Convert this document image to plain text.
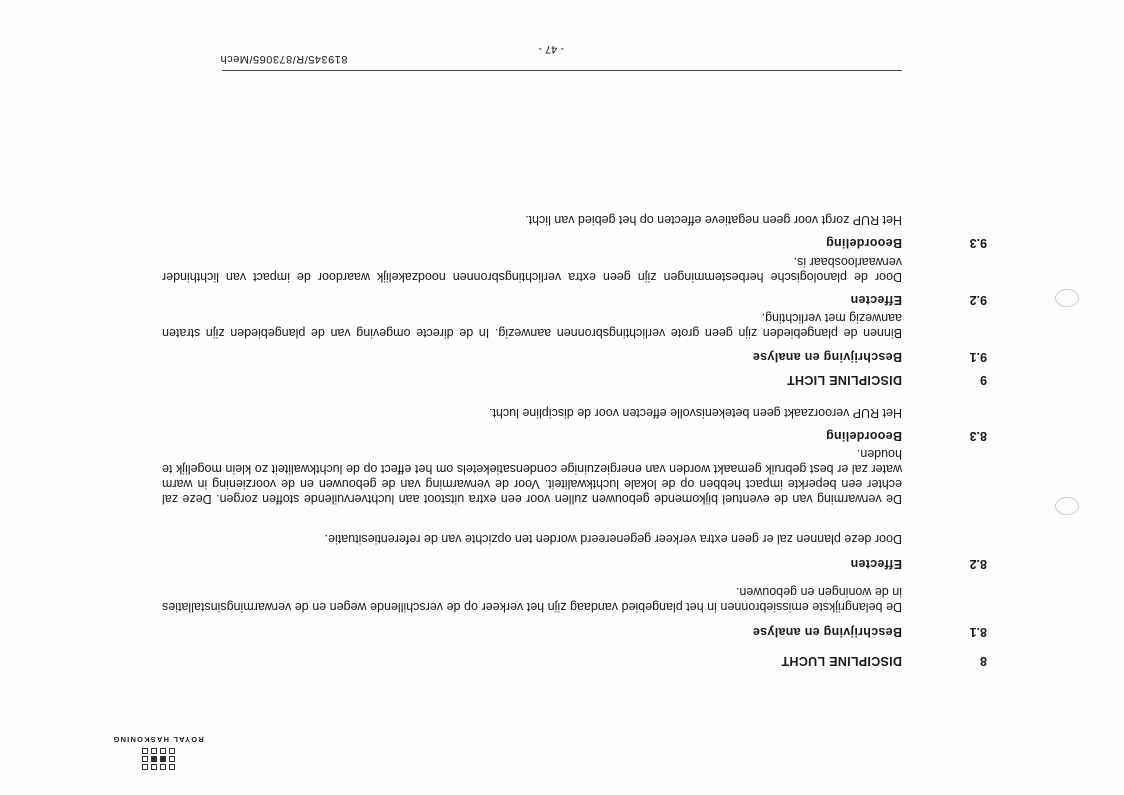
ROYAL HASKONING
8
DISCIPLINE LUCHT
8.1
Beschrijving en analyse

De belangrijkste emissiebronnen in het plangebied vandaag zijn het verkeer op de verschillende wegen en de verwarmingsinstallaties in de woningen en gebouwen.

8.2
Effecten

Door deze plannen zal er geen extra verkeer gegenereerd worden ten opzichte van de referentiesituatie.

De verwarming van de eventuel bijkomende gebouwen zullen voor een extra uitstoot aan luchtvervuilende stoffen zorgen. Deze zal echter een beperkte impact hebben op de lokale luchtkwaliteit. Voor de verwarming van de gebouwen en de voorziening in warm water zal er best gebruik gemaakt worden van energiezuinige condensatieketels om het effect op de luchtkwaliteit zo klein mogelijk te houden.

8.3
Beoordeling

Het RUP veroorzaakt geen betekenisvolle effecten voor de discipline lucht.

9
DISCIPLINE LICHT
9.1
Beschrijving en analyse

Binnen de plangebieden zijn geen grote verlichtingsbronnen aanwezig. In de directe omgeving van de plangebieden zijn straten aanwezig met verlichting.

9.2
Effecten

Door de planologische herbestemmingen zijn geen extra verlichtingsbronnen noodzakelijk waardoor de impact van lichthinder verwaarloosbaar is.

9.3
Beoordeling

Het RUP zorgt voor geen negatieve effecten op het gebied van licht.

819345/R/873065/Mech
- 47 -
